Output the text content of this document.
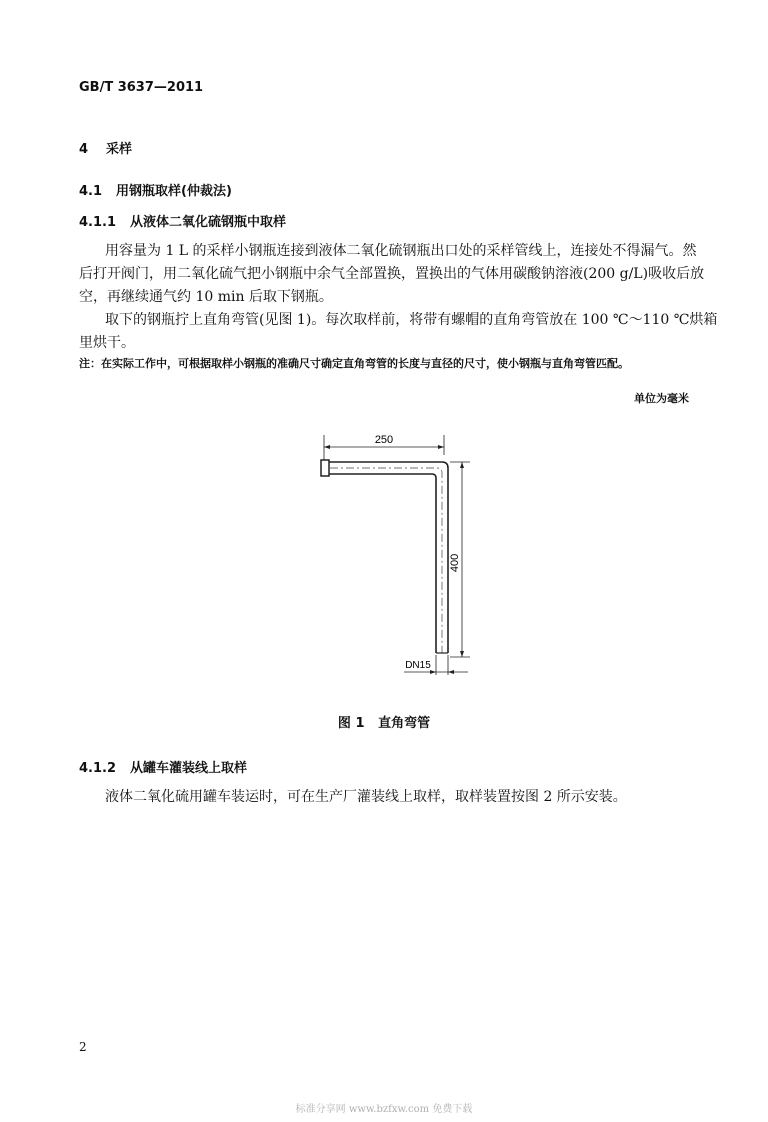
GB/T 3637—2011
4 采样
4.1 用钢瓶取样(仲裁法)
4.1.1 从液体二氧化硫钢瓶中取样
用容量为 1 L 的采样小钢瓶连接到液体二氧化硫钢瓶出口处的采样管线上，连接处不得漏气。然
后打开阀门，用二氧化硫气把小钢瓶中余气全部置换，置换出的气体用碳酸钠溶液(200 g/L)吸收后放
空，再继续通气约 10 min 后取下钢瓶。
取下的钢瓶拧上直角弯管(见图 1)。每次取样前，将带有螺帽的直角弯管放在 100 ℃～110 ℃烘箱
里烘干。
注：在实际工作中，可根据取样小钢瓶的准确尺寸确定直角弯管的长度与直径的尺寸，使小钢瓶与直角弯管匹配。
单位为毫米
250
400
DN15
图 1   直角弯管
4.1.2 从罐车灌装线上取样
液体二氧化硫用罐车装运时，可在生产厂灌装线上取样，取样装置按图 2 所示安装。
2
标准分享网 www.bzfxw.com 免费下载
